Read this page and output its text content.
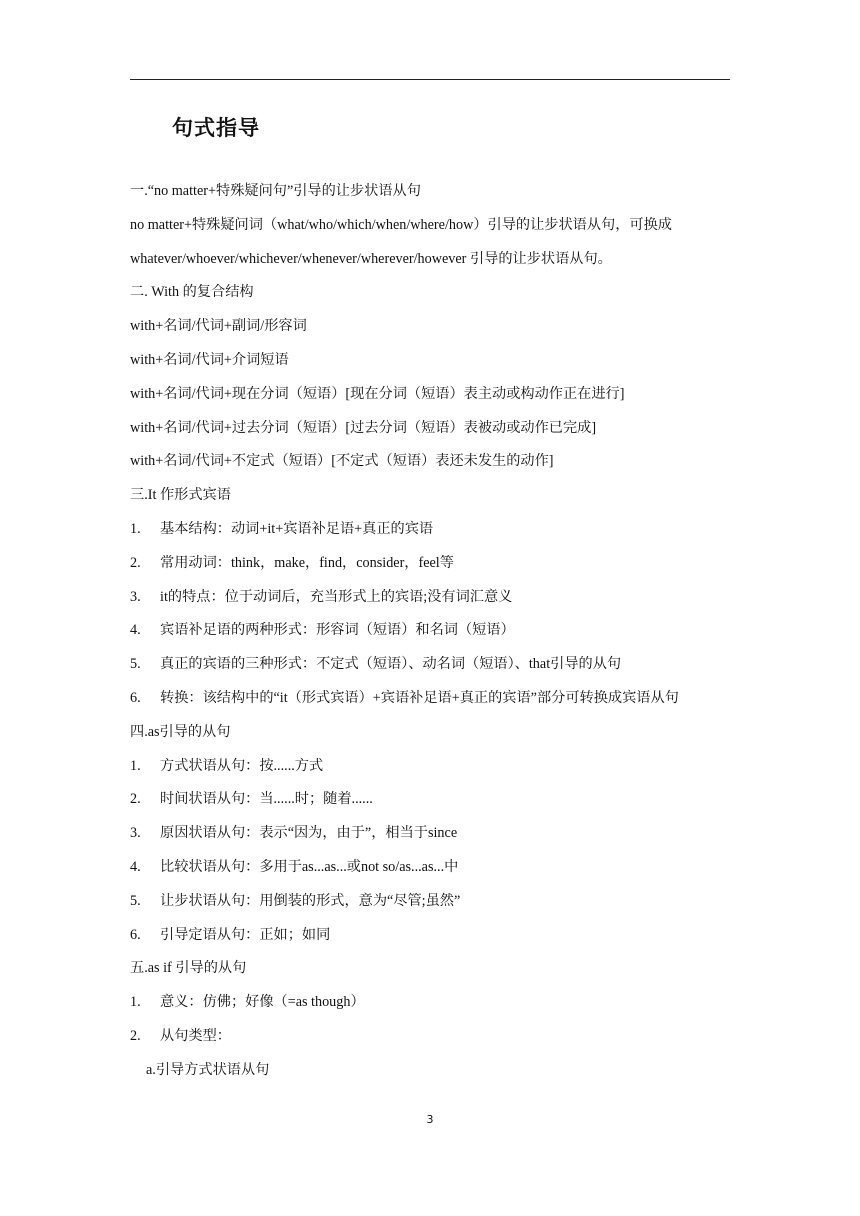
句式指导
一.“no matter+特殊疑问句”引导的让步状语从句
no matter+特殊疑问词（what/who/which/when/where/how）引导的让步状语从句，可换成
whatever/whoever/whichever/whenever/wherever/however 引导的让步状语从句。
二. With 的复合结构
with+名词/代词+副词/形容词
with+名词/代词+介词短语
with+名词/代词+现在分词（短语）[现在分词（短语）表主动或构动作正在进行]
with+名词/代词+过去分词（短语）[过去分词（短语）表被动或动作已完成]
with+名词/代词+不定式（短语）[不定式（短语）表还未发生的动作]
三.It 作形式宾语
1. 基本结构：动词+it+宾语补足语+真正的宾语
2. 常用动词：think，make，find，consider，feel等
3. it的特点：位于动词后，充当形式上的宾语;没有词汇意义
4. 宾语补足语的两种形式：形容词（短语）和名词（短语）
5. 真正的宾语的三种形式：不定式（短语）、动名词（短语）、that引导的从句
6. 转换：该结构中的“it（形式宾语）+宾语补足语+真正的宾语”部分可转换成宾语从句
四.as引导的从句
1. 方式状语从句：按......方式
2. 时间状语从句：当......时；随着......
3. 原因状语从句：表示“因为，由于”，相当于since
4. 比较状语从句：多用于as...as...或not so/as...as...中
5. 让步状语从句：用倒装的形式，意为“尽管;虽然”
6. 引导定语从句：正如；如同
五.as if 引导的从句
1. 意义：仿佛；好像（=as though）
2. 从句类型：
a.引导方式状语从句
3
